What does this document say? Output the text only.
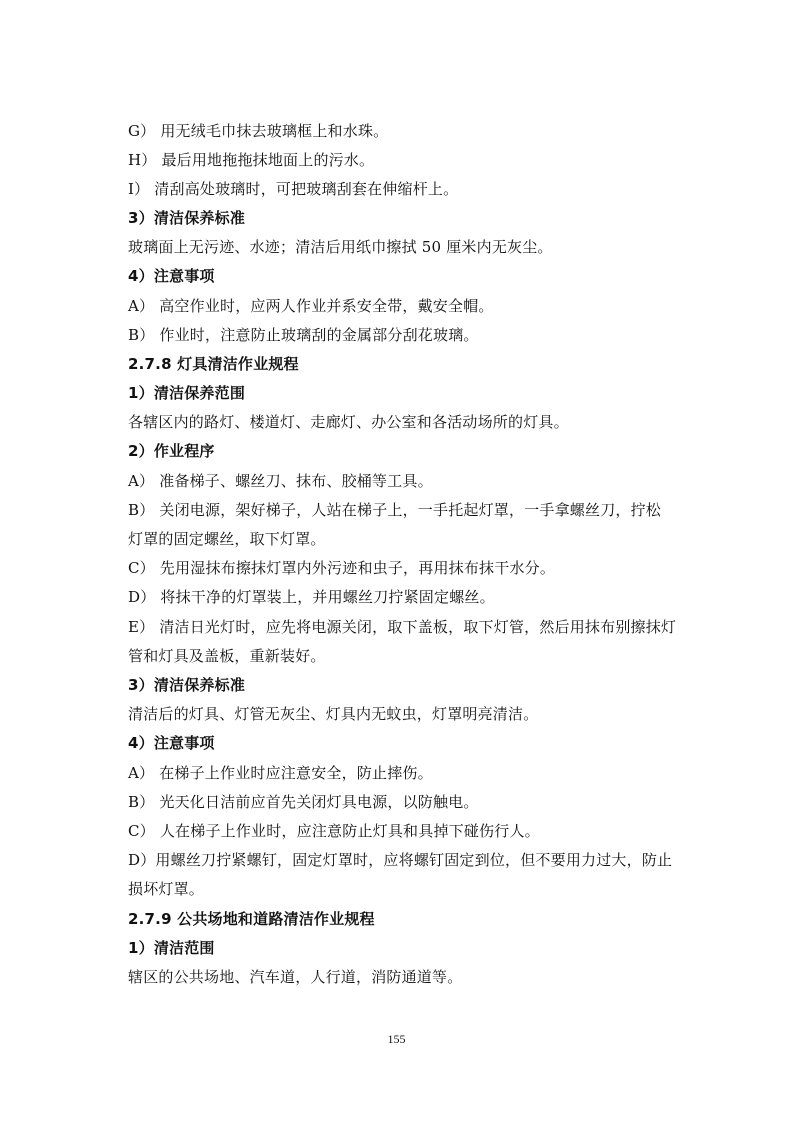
G） 用无绒毛巾抹去玻璃框上和水珠。
H） 最后用地拖拖抹地面上的污水。
I） 清刮高处玻璃时，可把玻璃刮套在伸缩杆上。
3）清洁保养标准
玻璃面上无污迹、水迹；清洁后用纸巾擦拭 50 厘米内无灰尘。
4）注意事项
A） 高空作业时，应两人作业并系安全带，戴安全帽。
B） 作业时，注意防止玻璃刮的金属部分刮花玻璃。
2.7.8 灯具清洁作业规程
1）清洁保养范围
各辖区内的路灯、楼道灯、走廊灯、办公室和各活动场所的灯具。
2）作业程序
A） 准备梯子、螺丝刀、抹布、胶桶等工具。
B） 关闭电源，架好梯子，人站在梯子上，一手托起灯罩，一手拿螺丝刀，拧松
灯罩的固定螺丝，取下灯罩。
C） 先用湿抹布擦抹灯罩内外污迹和虫子，再用抹布抹干水分。
D） 将抹干净的灯罩装上，并用螺丝刀拧紧固定螺丝。
E） 清洁日光灯时，应先将电源关闭，取下盖板，取下灯管，然后用抹布别擦抹灯
管和灯具及盖板，重新装好。
3）清洁保养标准
清洁后的灯具、灯管无灰尘、灯具内无蚊虫，灯罩明亮清洁。
4）注意事项
A） 在梯子上作业时应注意安全，防止摔伤。
B） 光天化日洁前应首先关闭灯具电源，以防触电。
C） 人在梯子上作业时，应注意防止灯具和具掉下碰伤行人。
D）用螺丝刀拧紧螺钉，固定灯罩时，应将螺钉固定到位，但不要用力过大，防止
损坏灯罩。
2.7.9 公共场地和道路清洁作业规程
1）清洁范围
辖区的公共场地、汽车道，人行道，消防通道等。
155
